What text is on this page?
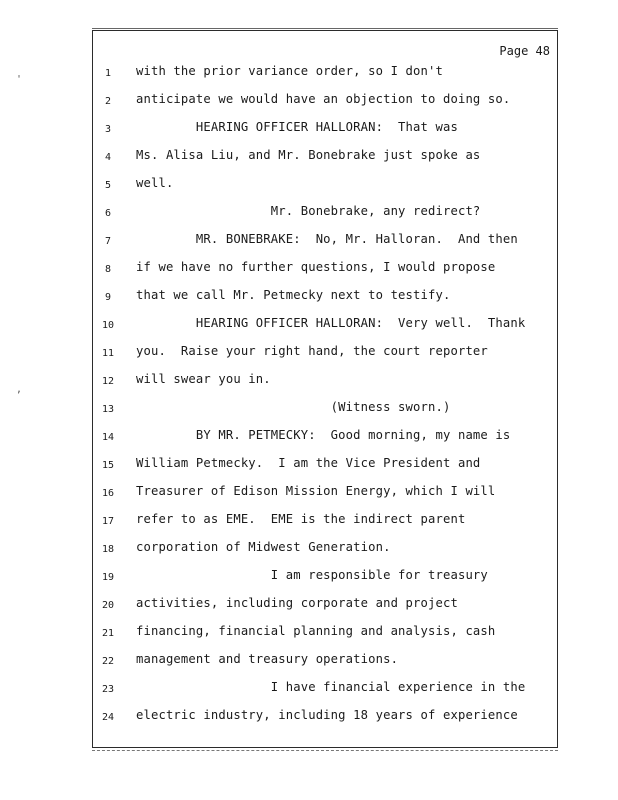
'
,
Page 48
1	with the prior variance order, so I don't
2	anticipate we would have an objection to doing so.
3	HEARING OFFICER HALLORAN:  That was
4	Ms. Alisa Liu, and Mr. Bonebrake just spoke as
5	well.
6	Mr. Bonebrake, any redirect?
7	MR. BONEBRAKE:  No, Mr. Halloran.  And then
8	if we have no further questions, I would propose
9	that we call Mr. Petmecky next to testify.
10	HEARING OFFICER HALLORAN:  Very well.  Thank
11	you.  Raise your right hand, the court reporter
12	will swear you in.
13	(Witness sworn.)
14	BY MR. PETMECKY:  Good morning, my name is
15	William Petmecky.  I am the Vice President and
16	Treasurer of Edison Mission Energy, which I will
17	refer to as EME.  EME is the indirect parent
18	corporation of Midwest Generation.
19	I am responsible for treasury
20	activities, including corporate and project
21	financing, financial planning and analysis, cash
22	management and treasury operations.
23	I have financial experience in the
24	electric industry, including 18 years of experience
